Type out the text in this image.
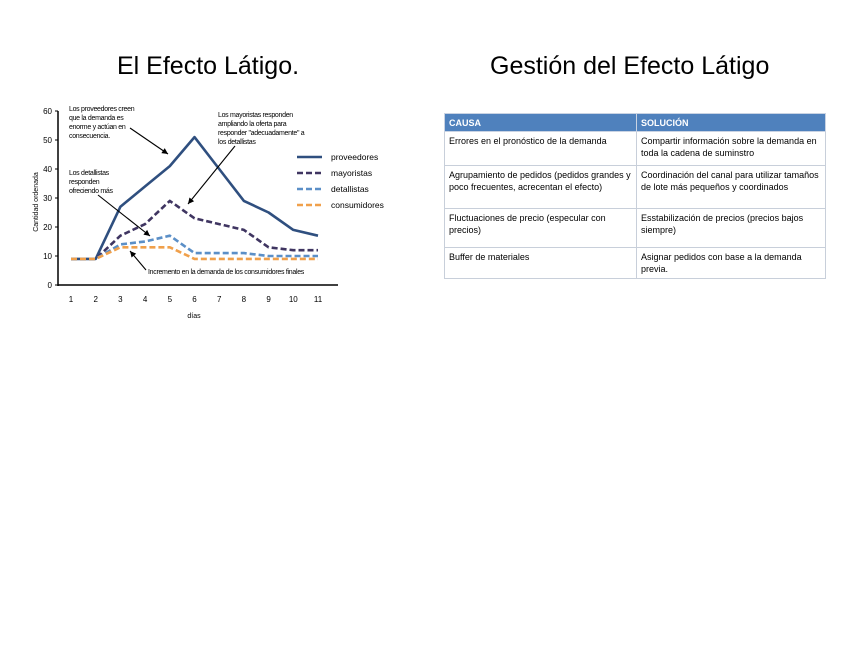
El Efecto Látigo.	Gestión del Efecto Látigo
0
10
20
30
40
50
60
1	2	3	4	5	6	7	8	9 10 11
días
Cantidad ordenada
proveedores
mayoristas
detallistas
consumidores
Los proveedores creen
que la demanda es
enorme y actúan en
consecuencia.
Los mayoristas responden
ampliando la oferta para
responder "adecuadamente" a
los detallistas
Los detallistas
responden
ofreciendo más
Incremento en la demanda de los consumidores finales
CAUSA	SOLUCIÓN
Errores en el pronóstico de la demanda	Compartir información sobre la demanda en toda la cadena de suminstro
Agrupamiento de pedidos (pedidos grandes y poco frecuentes, acrecentan el efecto)	Coordinación del canal para utilizar tamaños de lote más pequeños y coordinados
Fluctuaciones de precio (especular con precios)	Esstabilización de precios (precios bajos siempre)
Buffer de materiales	Asignar pedidos con base a la demanda previa.
